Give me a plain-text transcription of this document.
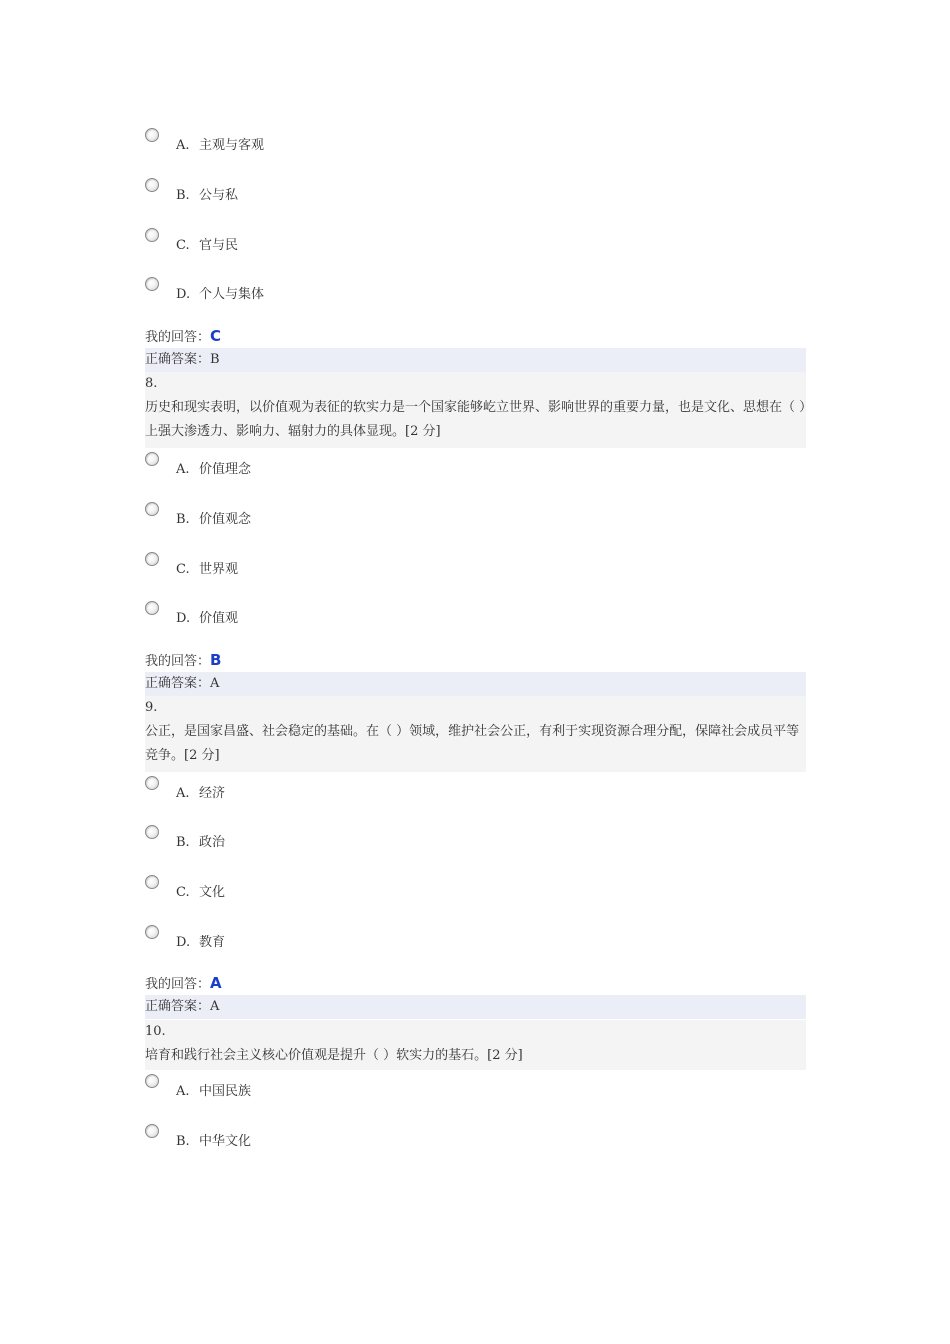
A. 主观与客观
B. 公与私
C. 官与民
D. 个人与集体
我的回答：C
正确答案：B
8.
历史和现实表明，以价值观为表征的软实力是一个国家能够屹立世界、影响世界的重要力量，也是文化、思想在（ ）上强大渗透力、影响力、辐射力的具体显现。[2 分]
A. 价值理念
B. 价值观念
C. 世界观
D. 价值观
我的回答：B
正确答案：A
9.
公正，是国家昌盛、社会稳定的基础。在（ ）领域，维护社会公正，有利于实现资源合理分配，保障社会成员平等竞争。[2 分]
A. 经济
B. 政治
C. 文化
D. 教育
我的回答：A
正确答案：A
10.
培育和践行社会主义核心价值观是提升（ ）软实力的基石。[2 分]
A. 中国民族
B. 中华文化
